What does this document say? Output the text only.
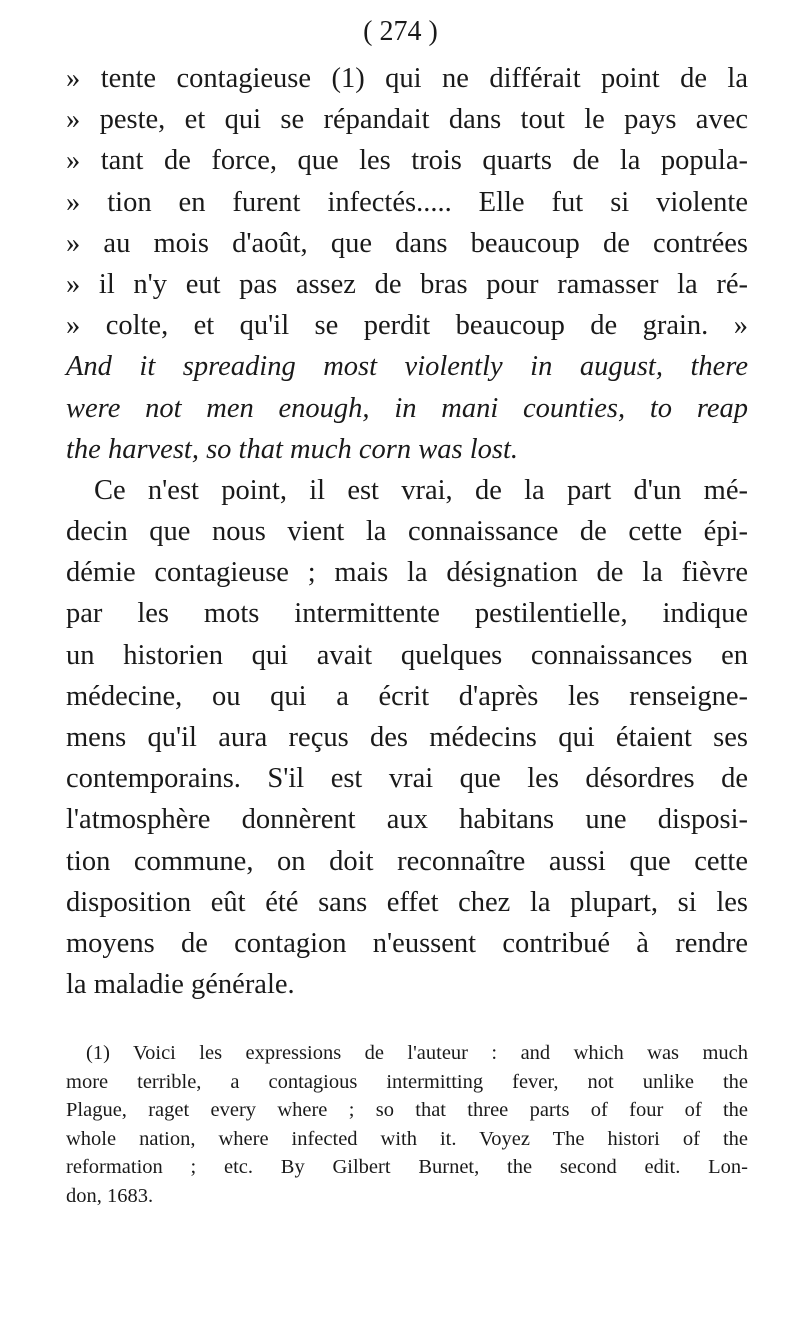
( 274 )
» tente contagieuse (1) qui ne différait point de la
» peste, et qui se répandait dans tout le pays avec
» tant de force, que les trois quarts de la popula-
» tion en furent infectés..... Elle fut si violente
» au mois d'août, que dans beaucoup de contrées
» il n'y eut pas assez de bras pour ramasser la ré-
» colte, et qu'il se perdit beaucoup de grain. »
And it spreading most violently in august, there
were not men enough, in mani counties, to reap
the harvest, so that much corn was lost.
Ce n'est point, il est vrai, de la part d'un mé-
decin que nous vient la connaissance de cette épi-
démie contagieuse ; mais la désignation de la fièvre
par les mots intermittente pestilentielle, indique
un historien qui avait quelques connaissances en
médecine, ou qui a écrit d'après les renseigne-
mens qu'il aura reçus des médecins qui étaient ses
contemporains. S'il est vrai que les désordres de
l'atmosphère donnèrent aux habitans une disposi-
tion commune, on doit reconnaître aussi que cette
disposition eût été sans effet chez la plupart, si les
moyens de contagion n'eussent contribué à rendre
la maladie générale.
(1) Voici les expressions de l'auteur : and which was much
more terrible, a contagious intermitting fever, not unlike the
Plague, raget every where ; so that three parts of four of the
whole nation, where infected with it. Voyez The histori of the
reformation ; etc. By Gilbert Burnet, the second edit. Lon-
don, 1683.
